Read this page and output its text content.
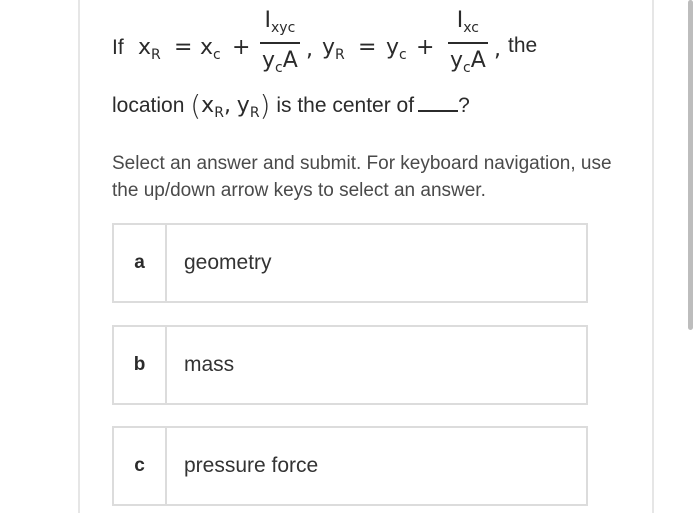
If $x_R = x_c$ +
$I_{xyc}$
$y_cA$ , $y_R = y_c$ +
$I_{xc}$
$y_cA$ , the
location ($x_R$, $y_R$) is the center of ?
Select an answer and submit. For keyboard navigation, use the up/down arrow keys to select an answer.
a	geometry
b	mass
c	pressure force
